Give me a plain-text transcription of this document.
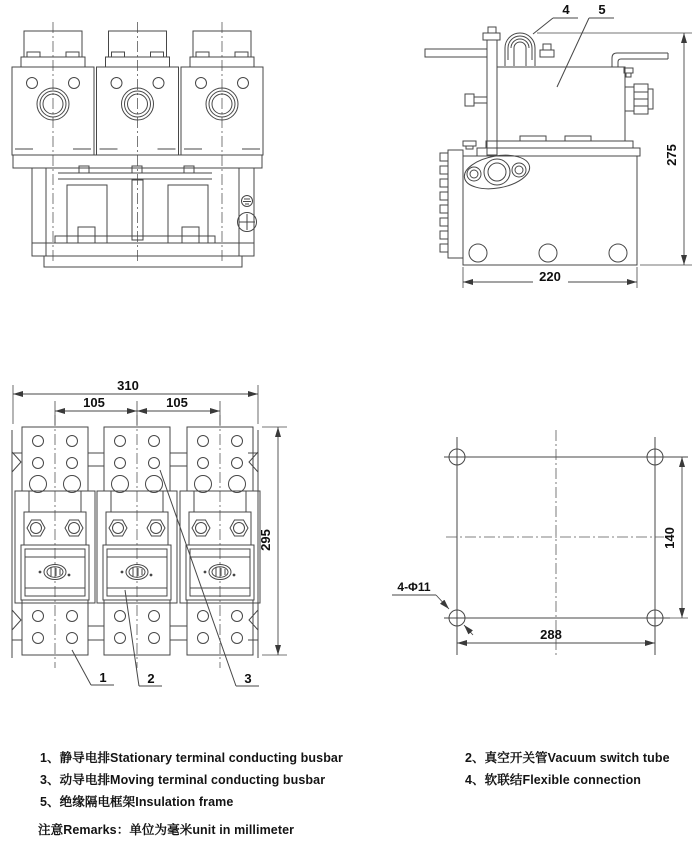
4 5
275
220
310
105	105
295
1	2	3
140
288
4-Φ11
1、静导电排Stationary terminal conducting busbar	2、真空开关管Vacuum switch tube
3、动导电排Moving terminal conducting busbar	4、软联结Flexible connection
5、绝缘隔电框架Insulation frame
注意Remarks：单位为毫米unit in millimeter
